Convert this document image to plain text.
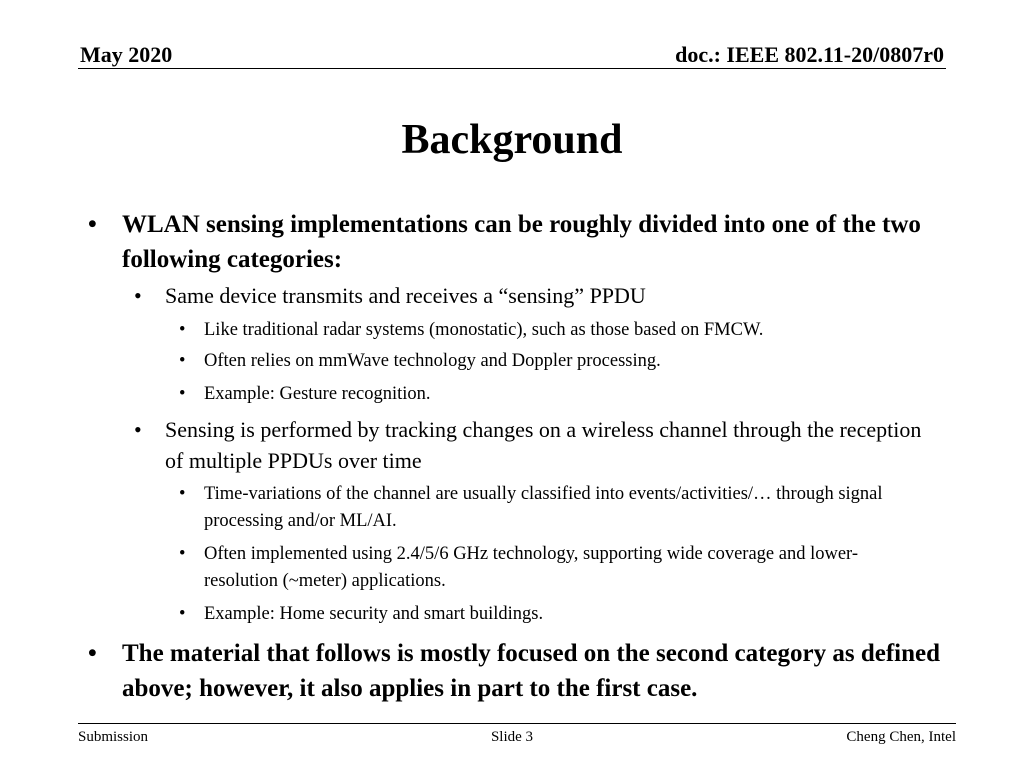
May 2020	doc.: IEEE 802.11-20/0807r0
Background
• WLAN sensing implementations can be roughly divided into one of the two following categories:
• Same device transmits and receives a “sensing” PPDU
• Like traditional radar systems (monostatic), such as those based on FMCW.
• Often relies on mmWave technology and Doppler processing.
• Example: Gesture recognition.
• Sensing is performed by tracking changes on a wireless channel through the reception of multiple PPDUs over time
• Time-variations of the channel are usually classified into events/activities/… through signal processing and/or ML/AI.
• Often implemented using 2.4/5/6 GHz technology, supporting wide coverage and lower-resolution (~meter) applications.
• Example: Home security and smart buildings.
• The material that follows is mostly focused on the second category as defined above; however, it also applies in part to the first case.
Submission	Slide 3	Cheng Chen, Intel
